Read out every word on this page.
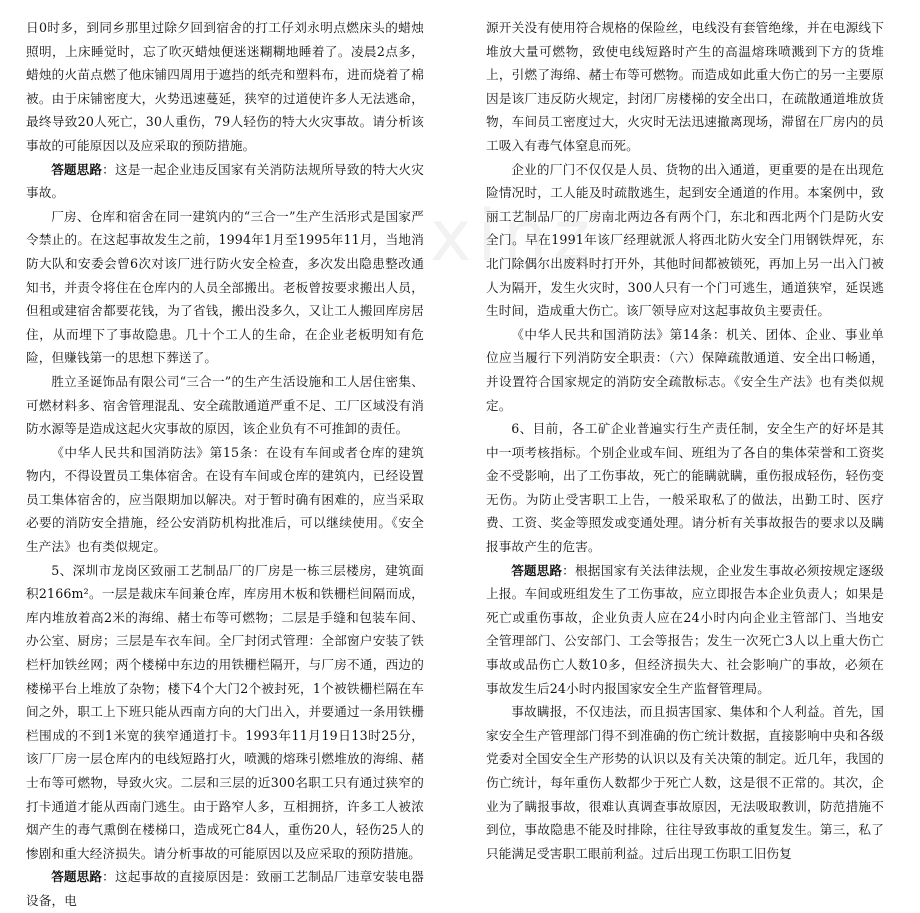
xinz

日0时多，到同乡那里过除夕回到宿舍的打工仔刘永明点燃床头的蜡烛照明，上床睡觉时，忘了吹灭蜡烛便迷迷糊糊地睡着了。凌晨2点多，蜡烛的火苗点燃了他床铺四周用于遮挡的纸壳和塑料布，进而烧着了棉被。由于床铺密度大，火势迅速蔓延，狭窄的过道使许多人无法逃命，最终导致20人死亡，30人重伤，79人轻伤的特大火灾事故。请分析该事故的可能原因以及应采取的预防措施。

答题思路：这是一起企业违反国家有关消防法规所导致的特大火灾事故。

厂房、仓库和宿舍在同一建筑内的“三合一”生产生活形式是国家严令禁止的。在这起事故发生之前，1994年1月至1995年11月，当地消防大队和安委会曾6次对该厂进行防火安全检查，多次发出隐患整改通知书，并责令将住在仓库内的人员全部搬出。老板曾按要求搬出人员，但租或建宿舍都要花钱，为了省钱，搬出没多久，又让工人搬回库房居住，从而埋下了事故隐患。几十个工人的生命，在企业老板明知有危险，但赚钱第一的思想下葬送了。

胜立圣诞饰品有限公司“三合一”的生产生活设施和工人居住密集、可燃材料多、宿舍管理混乱、安全疏散通道严重不足、工厂区域没有消防水源等是造成这起火灾事故的原因，该企业负有不可推卸的责任。

《中华人民共和国消防法》第15条：在设有车间或者仓库的建筑物内，不得设置员工集体宿舍。在设有车间或仓库的建筑内，已经设置员工集体宿舍的，应当限期加以解决。对于暂时确有困难的，应当采取必要的消防安全措施，经公安消防机构批准后，可以继续使用。《安全生产法》也有类似规定。

5、深圳市龙岗区致丽工艺制品厂的厂房是一栋三层楼房，建筑面积2166m²。一层是裁床车间兼仓库，库房用木板和铁栅栏间隔而成，库内堆放着高2米的海绵、赭士布等可燃物；二层是手缝和包装车间、办公室、厨房；三层是车衣车间。全厂封闭式管理：全部窗户安装了铁栏杆加铁丝网；两个楼梯中东边的用铁栅栏隔开，与厂房不通，西边的楼梯平台上堆放了杂物；楼下4个大门2个被封死，1个被铁栅栏隔在车间之外，职工上下班只能从西南方向的大门出入，并要通过一条用铁栅栏围成的不到1米宽的狭窄通道打卡。1993年11月19日13时25分，该厂厂房一层仓库内的电线短路打火，喷溅的熔珠引燃堆放的海绵、赭士布等可燃物，导致火灾。二层和三层的近300名职工只有通过狭窄的打卡通道才能从西南门逃生。由于路窄人多，互相拥挤，许多工人被浓烟产生的毒气熏倒在楼梯口，造成死亡84人，重伤20人，轻伤25人的惨剧和重大经济损失。请分析事故的可能原因以及应采取的预防措施。

答题思路：这起事故的直接原因是：致丽工艺制品厂违章安装电器设备，电

源开关没有使用符合规格的保险丝，电线没有套管绝缘，并在电源线下堆放大量可燃物，致使电线短路时产生的高温熔珠喷溅到下方的货堆上，引燃了海绵、赭士布等可燃物。而造成如此重大伤亡的另一主要原因是该厂违反防火规定，封闭厂房楼梯的安全出口，在疏散通道堆放货物，车间员工密度过大，火灾时无法迅速撤离现场，滞留在厂房内的员工吸入有毒气体窒息而死。

企业的厂门不仅仅是人员、货物的出入通道，更重要的是在出现危险情况时，工人能及时疏散逃生，起到安全通道的作用。本案例中，致丽工艺制品厂的厂房南北两边各有两个门，东北和西北两个门是防火安全门。早在1991年该厂经理就派人将西北防火安全门用钢铁焊死，东北门除偶尔出废料时打开外，其他时间都被锁死，再加上另一出入门被人为隔开，发生火灾时，300人只有一个门可逃生，通道狭窄，延误逃生时间，造成重大伤亡。该厂领导应对这起事故负主要责任。

《中华人民共和国消防法》第14条：机关、团体、企业、事业单位应当履行下列消防安全职责：（六）保障疏散通道、安全出口畅通，并设置符合国家规定的消防安全疏散标志。《安全生产法》也有类似规定。

6、目前，各工矿企业普遍实行生产责任制，安全生产的好坏是其中一项考核指标。个别企业或车间、班组为了各自的集体荣誉和工资奖金不受影响，出了工伤事故，死亡的能瞒就瞒，重伤报成轻伤，轻伤变无伤。为防止受害职工上告，一般采取私了的做法，出勤工时、医疗费、工资、奖金等照发或变通处理。请分析有关事故报告的要求以及瞒报事故产生的危害。

答题思路：根据国家有关法律法规，企业发生事故必须按规定逐级上报。车间或班组发生了工伤事故，应立即报告本企业负责人；如果是死亡或重伤事故，企业负责人应在24小时内向企业主管部门、当地安全管理部门、公安部门、工会等报告；发生一次死亡3人以上重大伤亡事故或品伤亡人数10多，但经济损失大、社会影响广的事故，必须在事故发生后24小时内报国家安全生产监督管理局。

事故瞒报，不仅违法，而且损害国家、集体和个人利益。首先，国家安全生产管理部门得不到准确的伤亡统计数据，直接影响中央和各级党委对全国安全生产形势的认识以及有关决策的制定。近几年，我国的伤亡统计，每年重伤人数都少于死亡人数，这是很不正常的。其次，企业为了瞒报事故，很难认真调查事故原因，无法吸取教训，防范措施不到位，事故隐患不能及时排除，往往导致事故的重复发生。第三，私了只能满足受害职工眼前利益。过后出现工伤职工旧伤复
